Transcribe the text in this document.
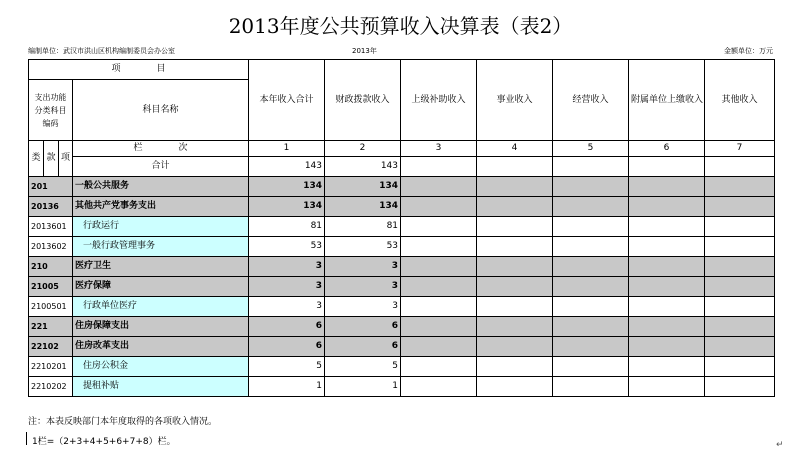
2013年度公共预算收入决算表（表2）
编制单位：武汉市洪山区机构编制委员会办公室	2013年	金额单位：万元
项　　　　目				本年收入合计	财政拨款收入	上级补助收入	事业收入	经营收入	附属单位上缴收入	其他收入
支出功能分类科目编码			科目名称							

类	款	项	栏　　　　次	1	2	3	4	5	6	7
			合计	143	143					
201			一般公共服务	134	134					
20136			其他共产党事务支出	134	134					
2013601			行政运行	81	81					
2013602			一般行政管理事务	53	53					
210			医疗卫生	3	3					
21005			医疗保障	3	3					
2100501			行政单位医疗	3	3					
221			住房保障支出	6	6					
22102			住房改革支出	6	6					
2210201			住房公积金	5	5					
2210202			提租补贴	1	1					
注：本表反映部门本年度取得的各项收入情况。
1栏=（2+3+4+5+6+7+8）栏。	↵
